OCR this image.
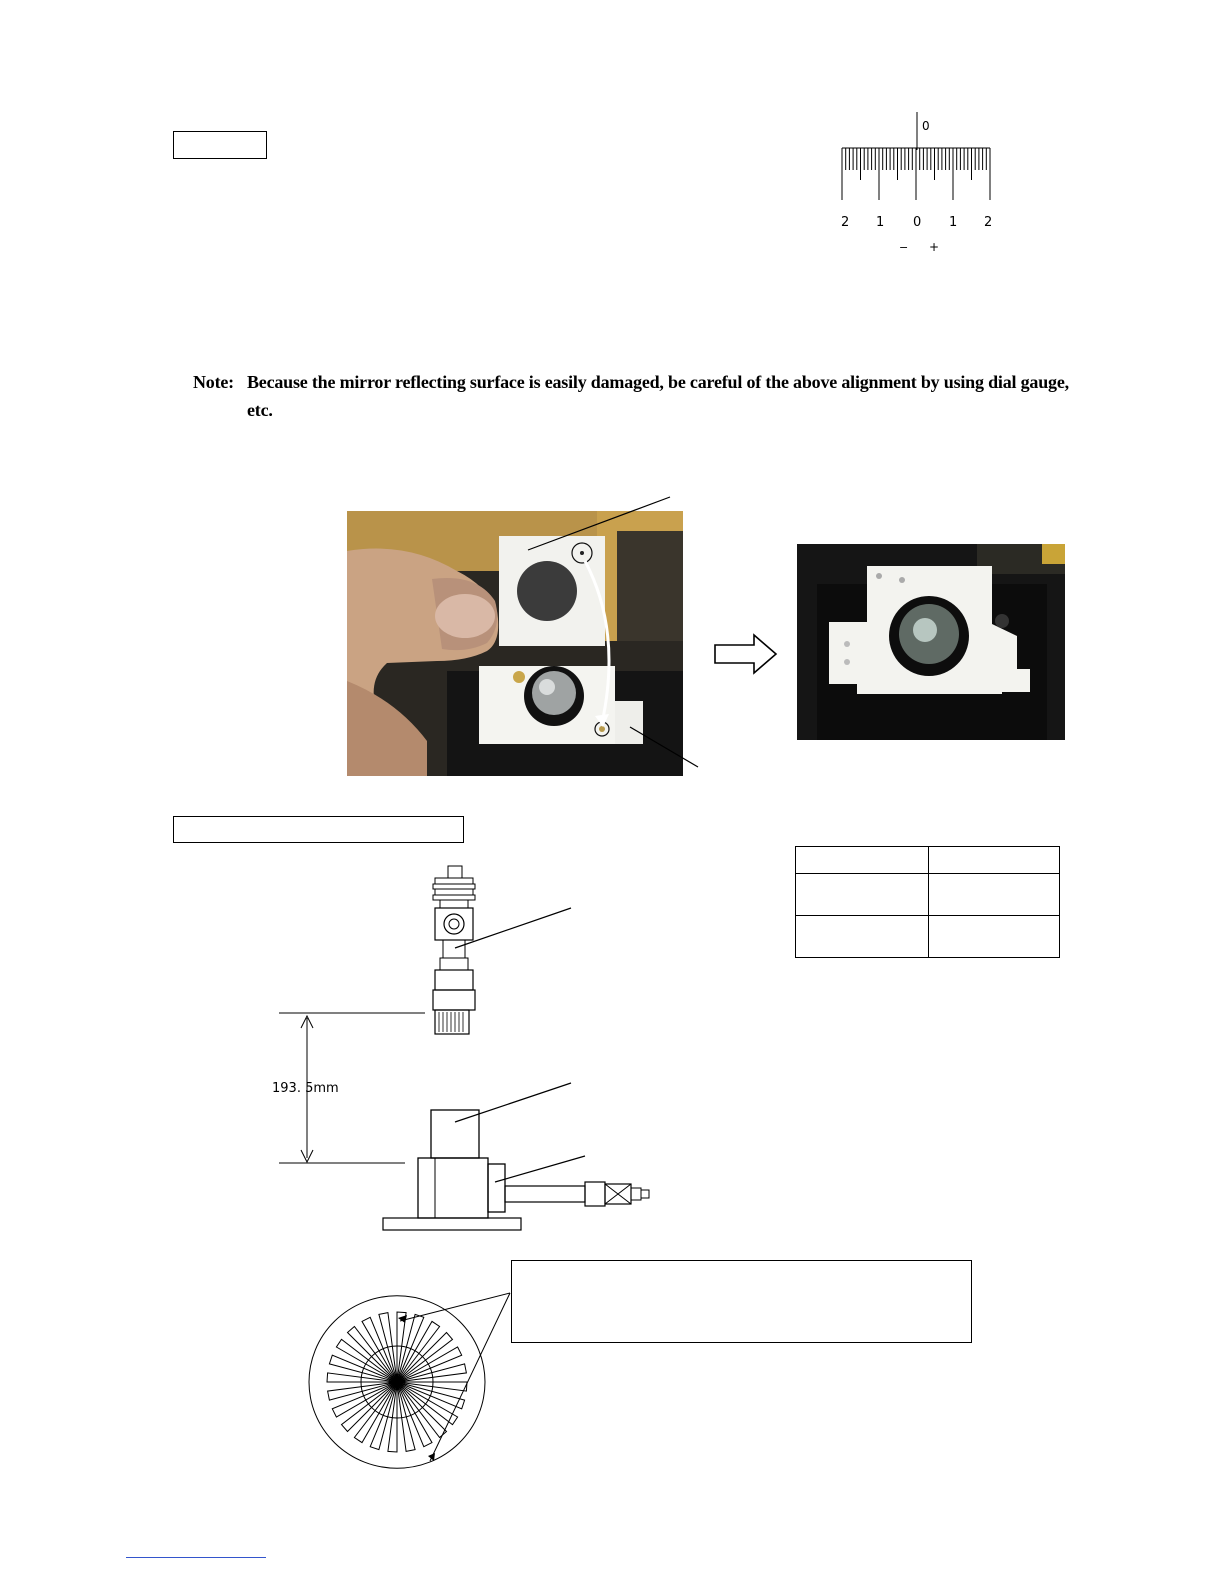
0
2 1 0 1 2
− +
Note: Because the mirror reflecting surface is easily damaged, be careful of the above alignment by using dial gauge,
etc.

193. 5mm
